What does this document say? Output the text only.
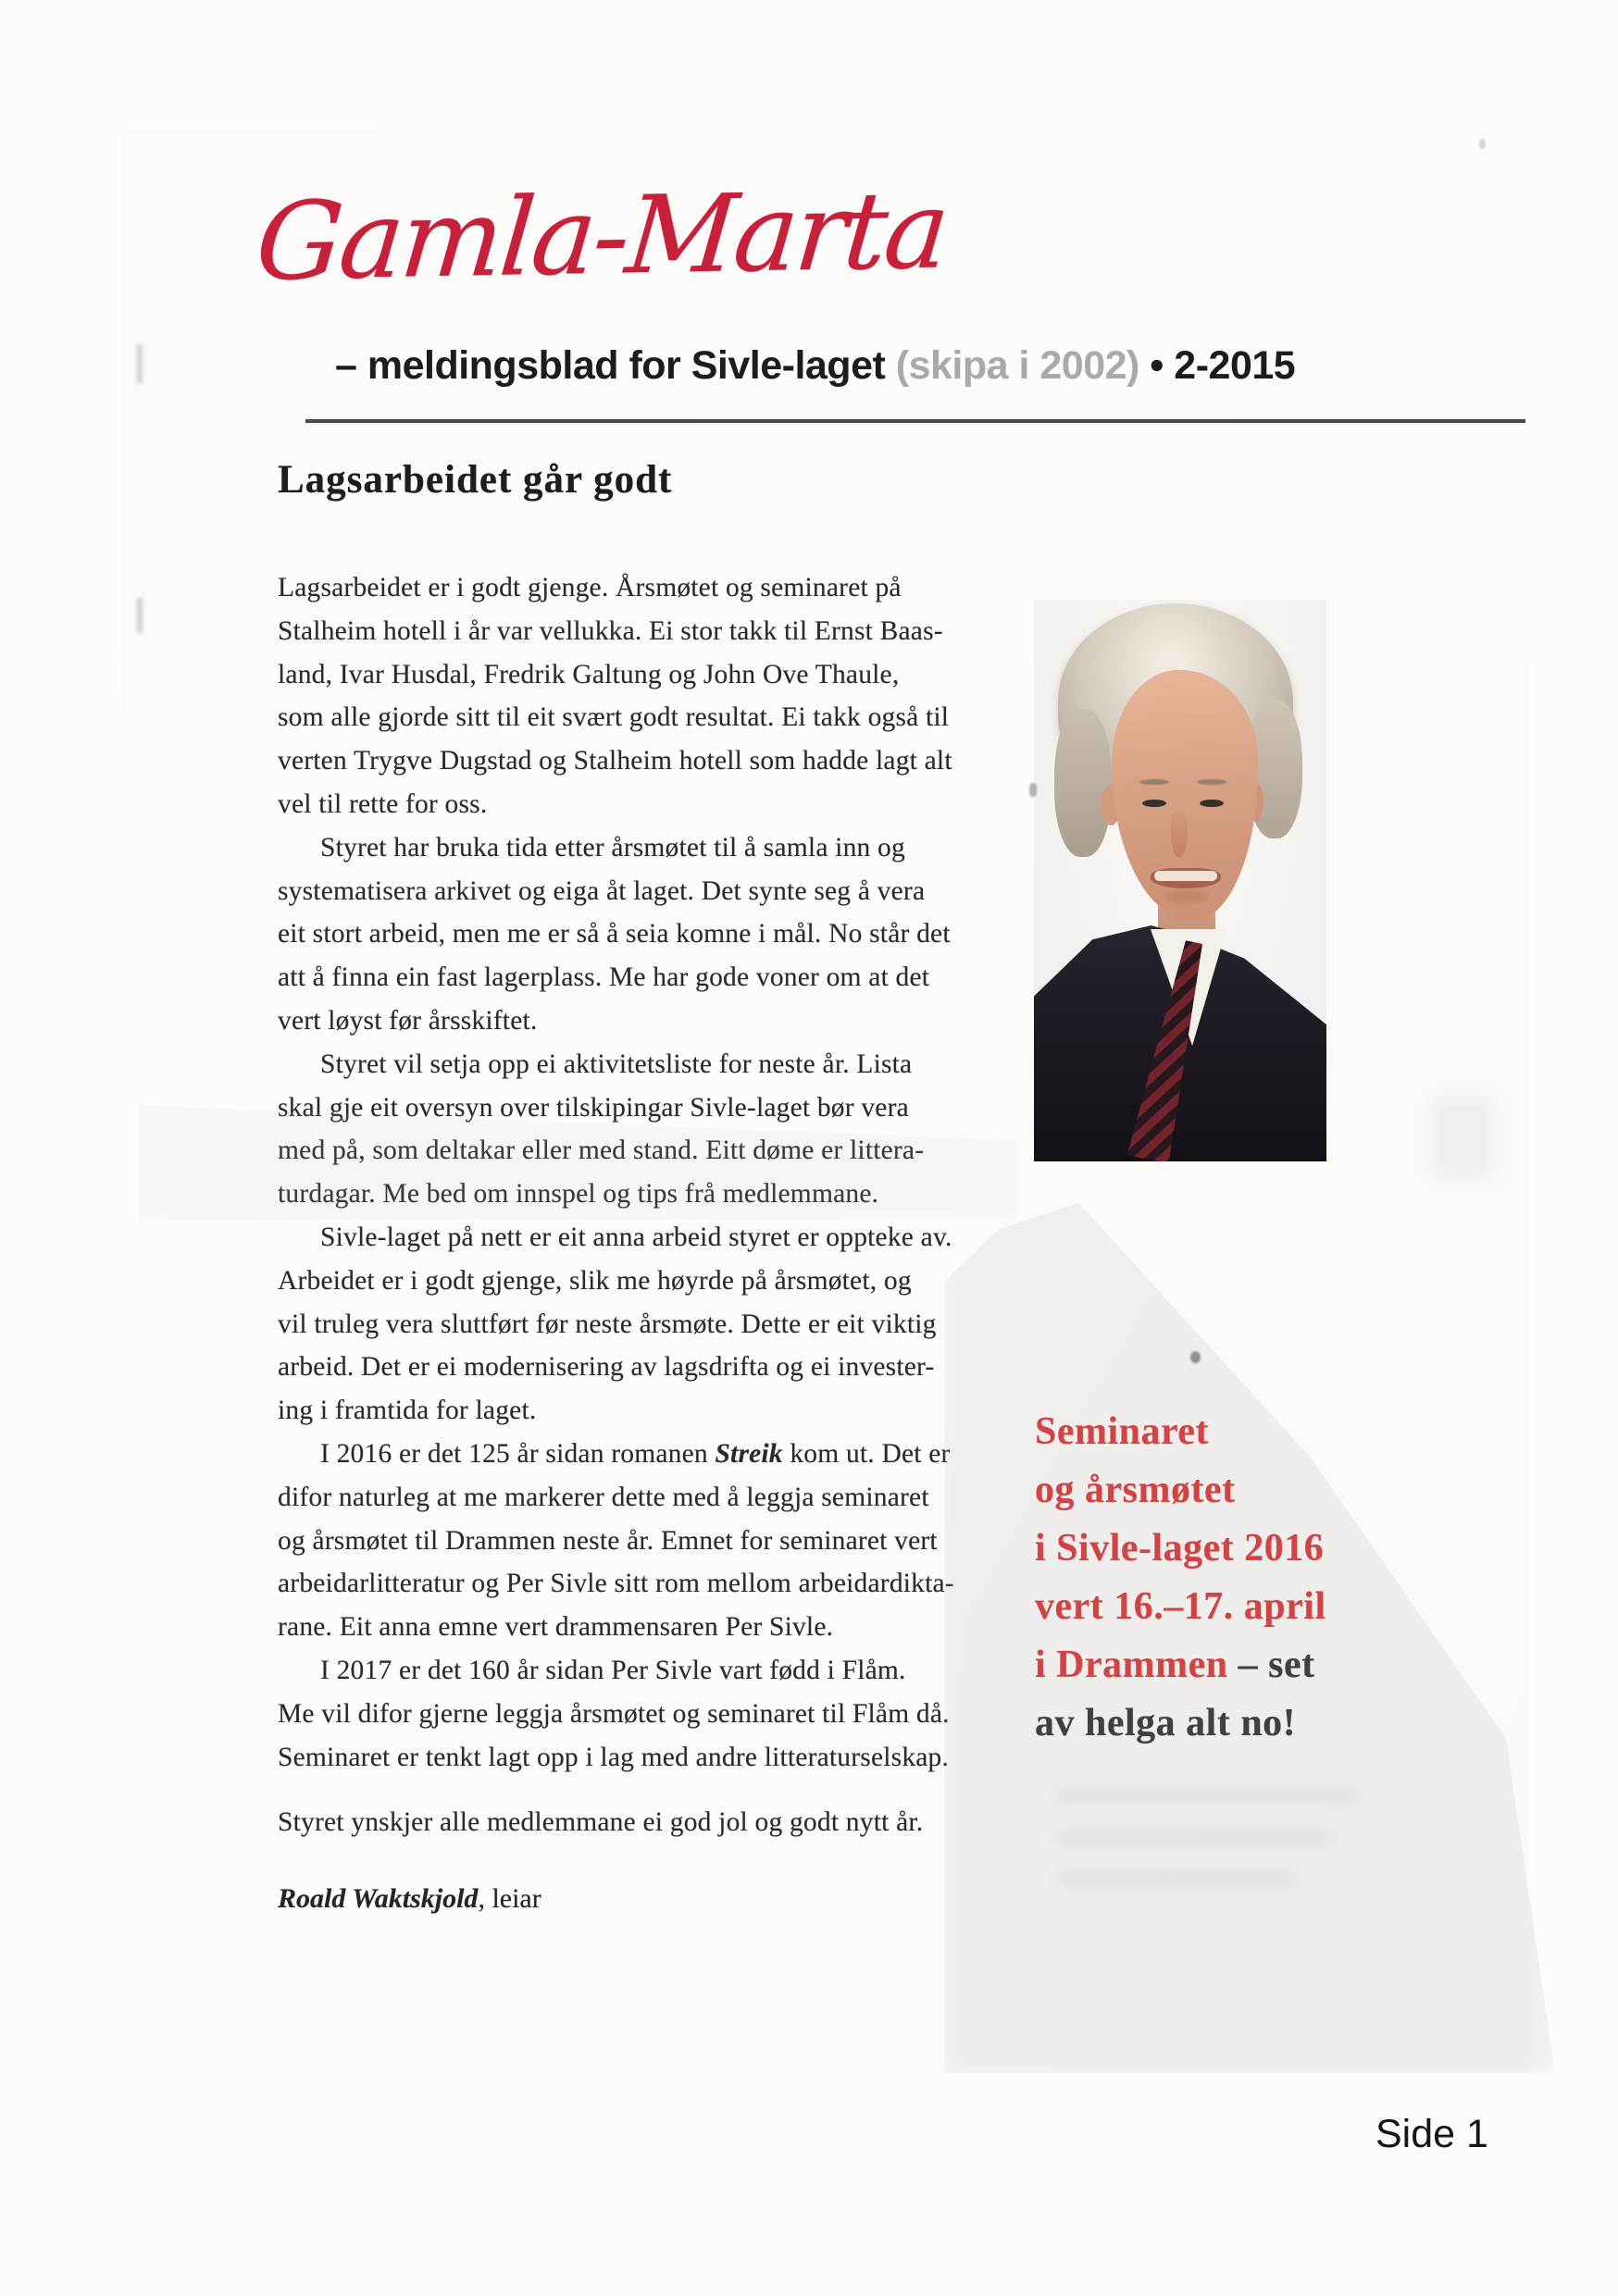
Gamla-Marta
– meldingsblad for Sivle-laget (skipa i 2002) • 2-2015
Lagsarbeidet går godt
Lagsarbeidet er i godt gjenge. Årsmøtet og seminaret på
Stalheim hotell i år var vellukka. Ei stor takk til Ernst Baas-
land, Ivar Husdal, Fredrik Galtung og John Ove Thaule,
som alle gjorde sitt til eit svært godt resultat. Ei takk også til
verten Trygve Dugstad og Stalheim hotell som hadde lagt alt
vel til rette for oss.
Styret har bruka tida etter årsmøtet til å samla inn og
systematisera arkivet og eiga åt laget. Det synte seg å vera
eit stort arbeid, men me er så å seia komne i mål. No står det
att å finna ein fast lagerplass. Me har gode voner om at det
vert løyst før årsskiftet.
Styret vil setja opp ei aktivitetsliste for neste år. Lista
skal gje eit oversyn over tilskipingar Sivle-laget bør vera
med på, som deltakar eller med stand. Eitt døme er littera-
turdagar. Me bed om innspel og tips frå medlemmane.
Sivle-laget på nett er eit anna arbeid styret er oppteke av.
Arbeidet er i godt gjenge, slik me høyrde på årsmøtet, og
vil truleg vera sluttført før neste årsmøte. Dette er eit viktig
arbeid. Det er ei modernisering av lagsdrifta og ei invester-
ing i framtida for laget.
I 2016 er det 125 år sidan romanen Streik kom ut. Det er
difor naturleg at me markerer dette med å leggja seminaret
og årsmøtet til Drammen neste år. Emnet for seminaret vert
arbeidarlitteratur og Per Sivle sitt rom mellom arbeidardikta-
rane. Eit anna emne vert drammensaren Per Sivle.
I 2017 er det 160 år sidan Per Sivle vart fødd i Flåm.
Me vil difor gjerne leggja årsmøtet og seminaret til Flåm då.
Seminaret er tenkt lagt opp i lag med andre litteraturselskap.
Styret ynskjer alle medlemmane ei god jol og godt nytt år.
Roald Waktskjold, leiar
Seminaret
og årsmøtet
i Sivle-laget 2016
vert 16.–17. april
i Drammen – set
av helga alt no!
Side 1
